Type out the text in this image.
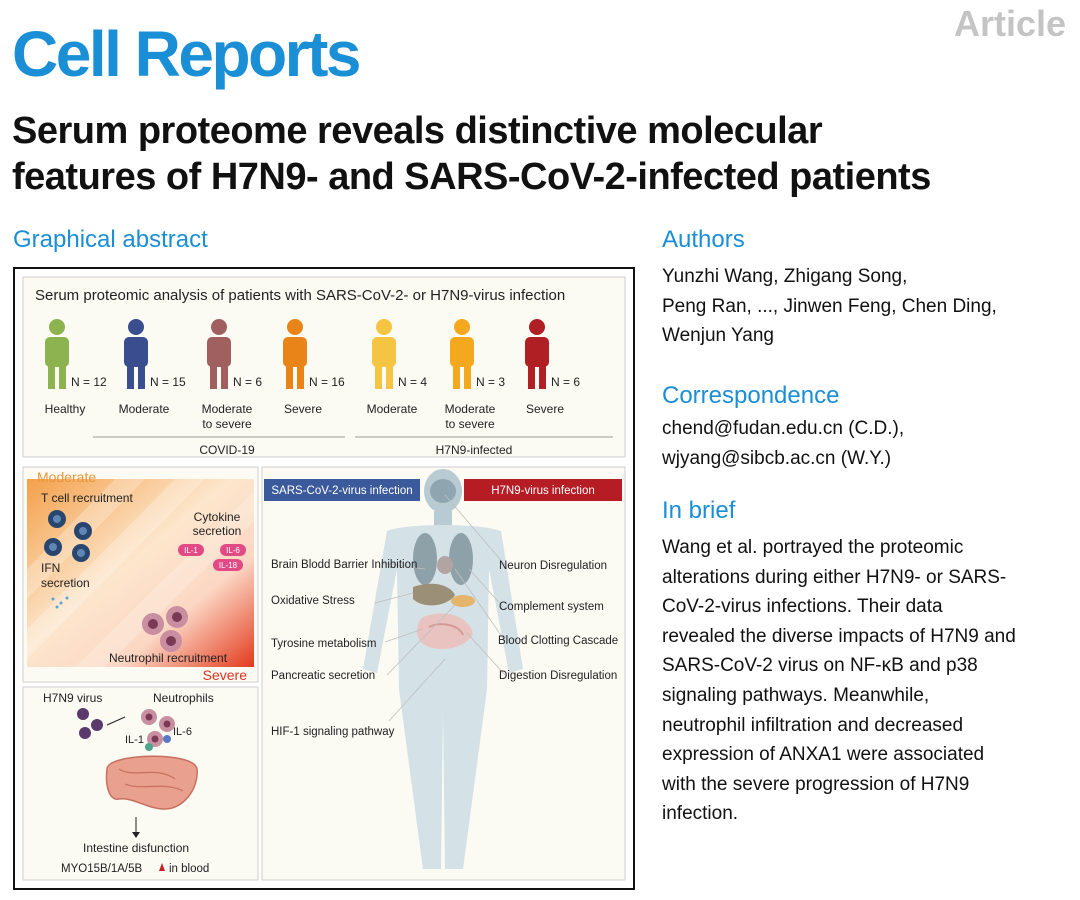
Cell Reports	Article
Serum proteome reveals distinctive molecular
features of H7N9- and SARS-CoV-2-infected patients
Graphical abstract	Authors
Correspondence
In brief
Yunzhi Wang, Zhigang Song,
Peng Ran, ..., Jinwen Feng, Chen Ding,
Wenjun Yang
chend@fudan.edu.cn (C.D.),
wjyang@sibcb.ac.cn (W.Y.)
Wang et al. portrayed the proteomic
alterations during either H7N9- or SARS-
CoV-2-virus infections. Their data
revealed the diverse impacts of H7N9 and
SARS-CoV-2 virus on NF-κB and p38
signaling pathways. Meanwhile,
neutrophil infiltration and decreased
expression of ANXA1 were associated
with the severe progression of H7N9
infection.
Serum proteomic analysis of patients with SARS-CoV-2- or H7N9-virus infection
N = 12
Healthy
N = 15
Moderate
N = 6
Moderate
to severe
N = 16
Severe
N = 4
Moderate
N = 3
Moderate
to severe
N = 6
Severe
COVID-19	H7N9-infected
Moderate
Severe
T cell recruitment
IFN
secretion
Cytokine
secretion
IL-1	IL-6
IL-18
Neutrophil recruitment
H7N9 virus	Neutrophils
IL-1
IL-6
Intestine disfunction
MYO15B/1A/5B in blood
SARS-CoV-2-virus infection	H7N9-virus infection
Brain Blodd Barrier Inhibition
Oxidative Stress
Tyrosine metabolism
Pancreatic secretion
HIF-1 signaling pathway
Neuron Disregulation
Complement system
Blood Clotting Cascade
Digestion Disregulation
